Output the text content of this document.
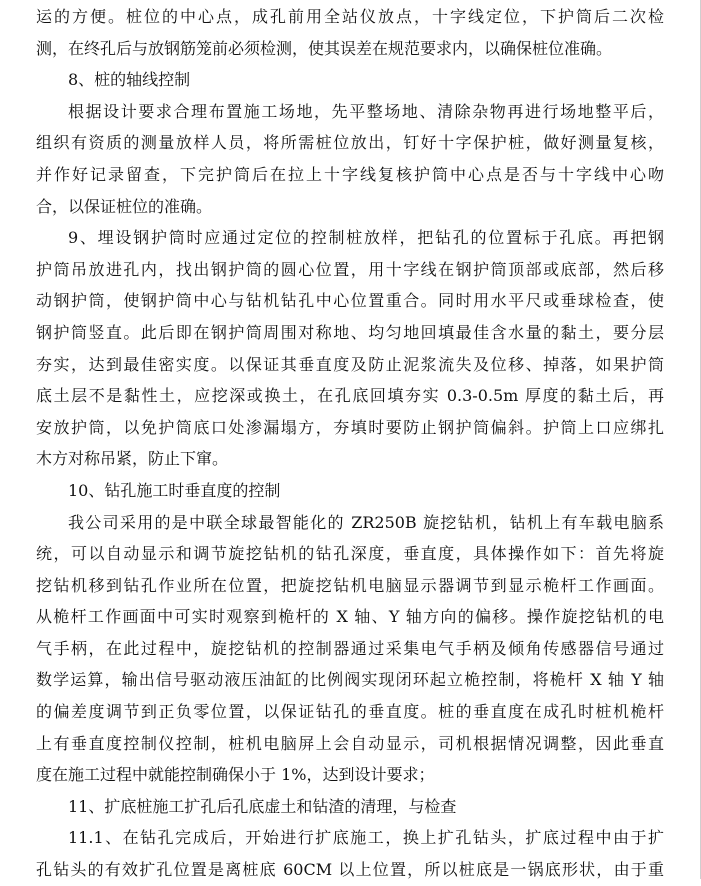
运的方便。桩位的中心点，成孔前用全站仪放点，十字线定位，下护筒后二次检
测，在终孔后与放钢筋笼前必须检测，使其误差在规范要求内，以确保桩位准确。
8、桩的轴线控制
根据设计要求合理布置施工场地，先平整场地、清除杂物再进行场地整平后，
组织有资质的测量放样人员，将所需桩位放出，钉好十字保护桩，做好测量复核，
并作好记录留查，下完护筒后在拉上十字线复核护筒中心点是否与十字线中心吻
合，以保证桩位的准确。
9、埋设钢护筒时应通过定位的控制桩放样，把钻孔的位置标于孔底。再把钢
护筒吊放进孔内，找出钢护筒的圆心位置，用十字线在钢护筒顶部或底部，然后移
动钢护筒，使钢护筒中心与钻机钻孔中心位置重合。同时用水平尺或垂球检查，使
钢护筒竖直。此后即在钢护筒周围对称地、均匀地回填最佳含水量的黏土，要分层
夯实，达到最佳密实度。以保证其垂直度及防止泥浆流失及位移、掉落，如果护筒
底土层不是黏性土，应挖深或换土，在孔底回填夯实 0.3-0.5m 厚度的黏土后，再
安放护筒，以免护筒底口处渗漏塌方，夯填时要防止钢护筒偏斜。护筒上口应绑扎
木方对称吊紧，防止下窜。
10、钻孔施工时垂直度的控制
我公司采用的是中联全球最智能化的 ZR250B 旋挖钻机，钻机上有车载电脑系
统，可以自动显示和调节旋挖钻机的钻孔深度，垂直度，具体操作如下：首先将旋
挖钻机移到钻孔作业所在位置，把旋挖钻机电脑显示器调节到显示桅杆工作画面。
从桅杆工作画面中可实时观察到桅杆的 X 轴、Y 轴方向的偏移。操作旋挖钻机的电
气手柄，在此过程中，旋挖钻机的控制器通过采集电气手柄及倾角传感器信号通过
数学运算，输出信号驱动液压油缸的比例阀实现闭环起立桅控制，将桅杆 X 轴 Y 轴
的偏差度调节到正负零位置，以保证钻孔的垂直度。桩的垂直度在成孔时桩机桅杆
上有垂直度控制仪控制，桩机电脑屏上会自动显示，司机根据情况调整，因此垂直
度在施工过程中就能控制确保小于 1%，达到设计要求；
11、扩底桩施工扩孔后孔底虚土和钻渣的清理，与检查
11.1、在钻孔完成后，开始进行扩底施工，换上扩孔钻头，扩底过程中由于扩
孔钻头的有效扩孔位置是离桩底 60CM 以上位置，所以桩底是一锅底形状，由于重
